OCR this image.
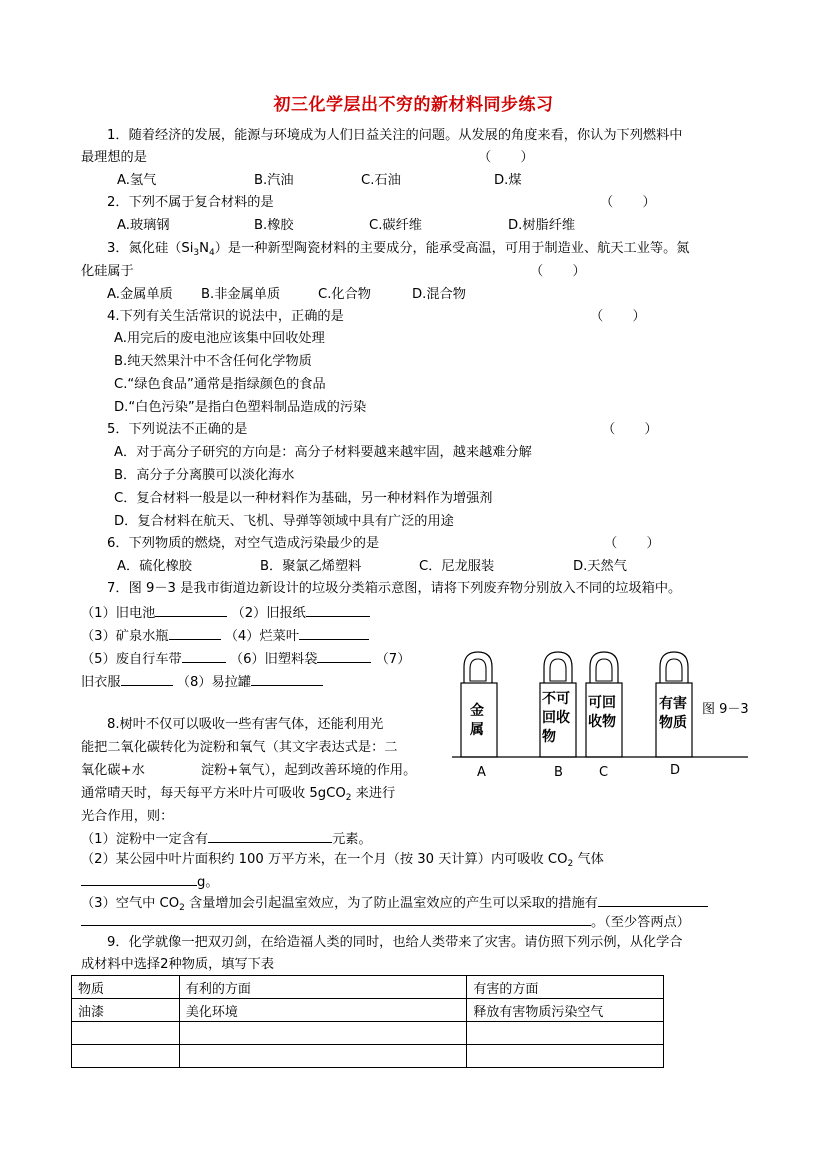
初三化学层出不穷的新材料同步练习
1．随着经济的发展，能源与环境成为人们日益关注的问题。从发展的角度来看，你认为下列燃料中
最理想的是	（       ）
A.氢气	B.汽油	C.石油	D.煤
2．下列不属于复合材料的是	（       ）
A.玻璃钢	B.橡胶	C.碳纤维	D.树脂纤维
3．氮化硅$(Si_3N_4)$是一种新型陶瓷材料的主要成分，能承受高温，可用于制造业、航天工业等。氮
化硅属于	（       ）
A.金属单质 B.非金属单质	C.化合物	D.混合物
4.下列有关生活常识的说法中，正确的是	（       ）
A.用完后的废电池应该集中回收处理
B.纯天然果汁中不含任何化学物质
C.“绿色食品”通常是指绿颜色的食品
D.“白色污染”是指白色塑料制品造成的污染
5．下列说法不正确的是	（       ）
A．对于高分子研究的方向是：高分子材料要越来越牢固，越来越难分解
B．高分子分离膜可以淡化海水
C．复合材料一般是以一种材料作为基础，另一种材料作为增强剂
D．复合材料在航天、飞机、导弹等领域中具有广泛的用途
6．下列物质的燃烧，对空气造成污染最少的是	（       ）
A．硫化橡胶	B．聚氯乙烯塑料	C．尼龙服装	D.天然气
7．图 9－3 是我市街道边新设计的垃圾分类箱示意图，请将下列废弃物分别放入不同的垃圾箱中。
（1）旧电池	（2）旧报纸
（3）矿泉水瓶	（4）烂菜叶
（5）废自行车带	（6）旧塑料袋	（7）
旧衣服	（8）易拉罐
金属
不可回收物
可回收物
有害物质
图 9－3
A	B	C	D
8.树叶不仅可以吸收一些有害气体，还能利用光
能把二氧化碳转化为淀粉和氧气（其文字表达式是：二
氧化碳+水	淀粉+氧气），起到改善环境的作用。
通常晴天时，每天每平方米叶片可吸收 5gCO$_2$ 来进行
光合作用，则：
（1）淀粉中一定含有	元素。
（2）某公园中叶片面积约 100 万平方米，在一个月（按 30 天计算）内可吸收 $CO_2$ 气体
g。
（3）空气中 $CO_2$ 含量增加会引起温室效应，为了防止温室效应的产生可以采取的措施有
。（至少答两点）
9．化学就像一把双刃剑，在给造福人类的同时，也给人类带来了灾害。请仿照下列示例，从化学合
成材料中选择2种物质，填写下表
物质	有利的方面	有害的方面
油漆	美化环境	释放有害物质污染空气
